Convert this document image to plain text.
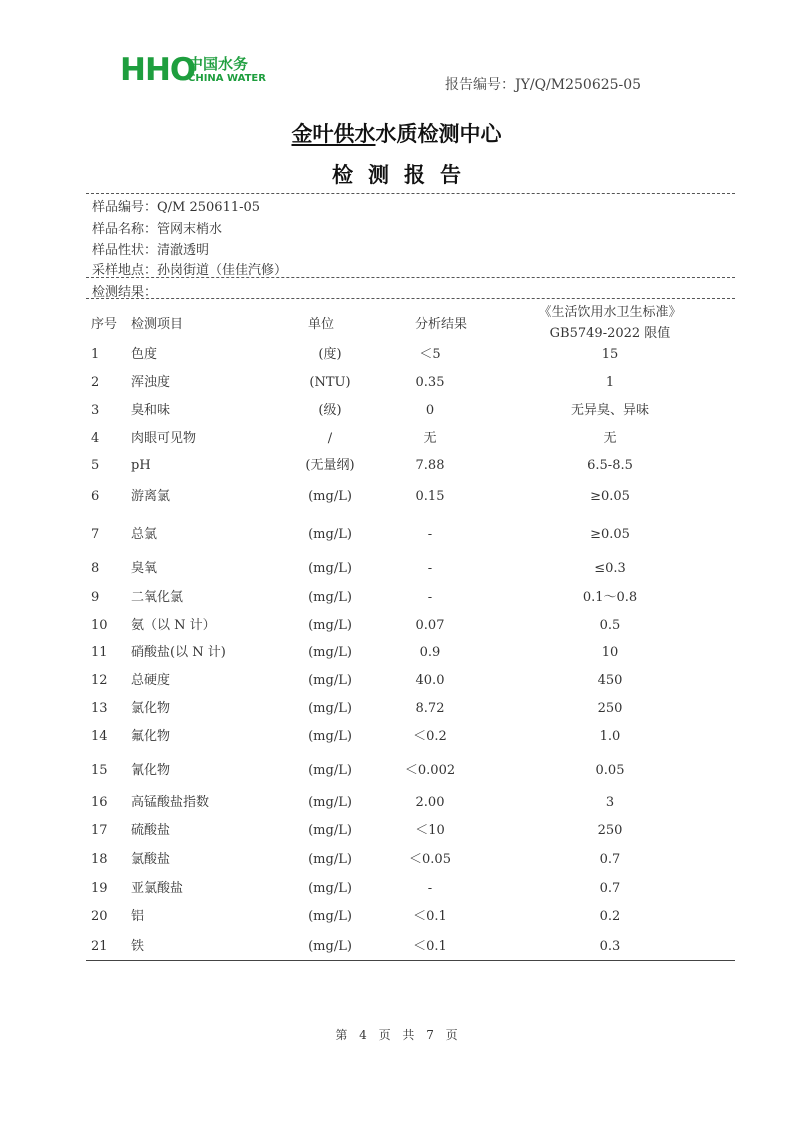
HHO
中国水务
CHINA WATER	报告编号：JY/Q/M250625-05
金叶供水水质检测中心
检测报告
样品编号：Q/M 250611-05
样品名称：管网末梢水
样品性状：清澈透明
采样地点：孙岗街道（佳佳汽修）
检测结果：
序号 检测项目	单位	分析结果
《生活饮用水卫生标准》
GB5749-2022 限值
1 色度	(度)	＜5	15
2 浑浊度	(NTU)	0.35	1
3 臭和味	(级)	0	无异臭、异味
4 肉眼可见物	/	无	无
5 pH	(无量纲)	7.88	6.5-8.5
6 游离氯	(mg/L)	0.15	≥0.05
7 总氯	(mg/L)	-	≥0.05
8 臭氧	(mg/L)	-	≤0.3
9 二氧化氯	(mg/L)	-	0.1～0.8
10 氨（以 N 计）	(mg/L)	0.07	0.5
11 硝酸盐(以 N 计)	(mg/L)	0.9	10
12 总硬度	(mg/L)	40.0	450
13 氯化物	(mg/L)	8.72	250
14 氟化物	(mg/L)	＜0.2	1.0
15 氰化物	(mg/L)	＜0.002	0.05
16 高锰酸盐指数	(mg/L)	2.00	3
17 硫酸盐	(mg/L)	＜10	250
18 氯酸盐	(mg/L)	＜0.05	0.7
19 亚氯酸盐	(mg/L)	-	0.7
20 铝	(mg/L)	＜0.1	0.2
21 铁	(mg/L)	＜0.1	0.3
第 4 页 共 7 页
